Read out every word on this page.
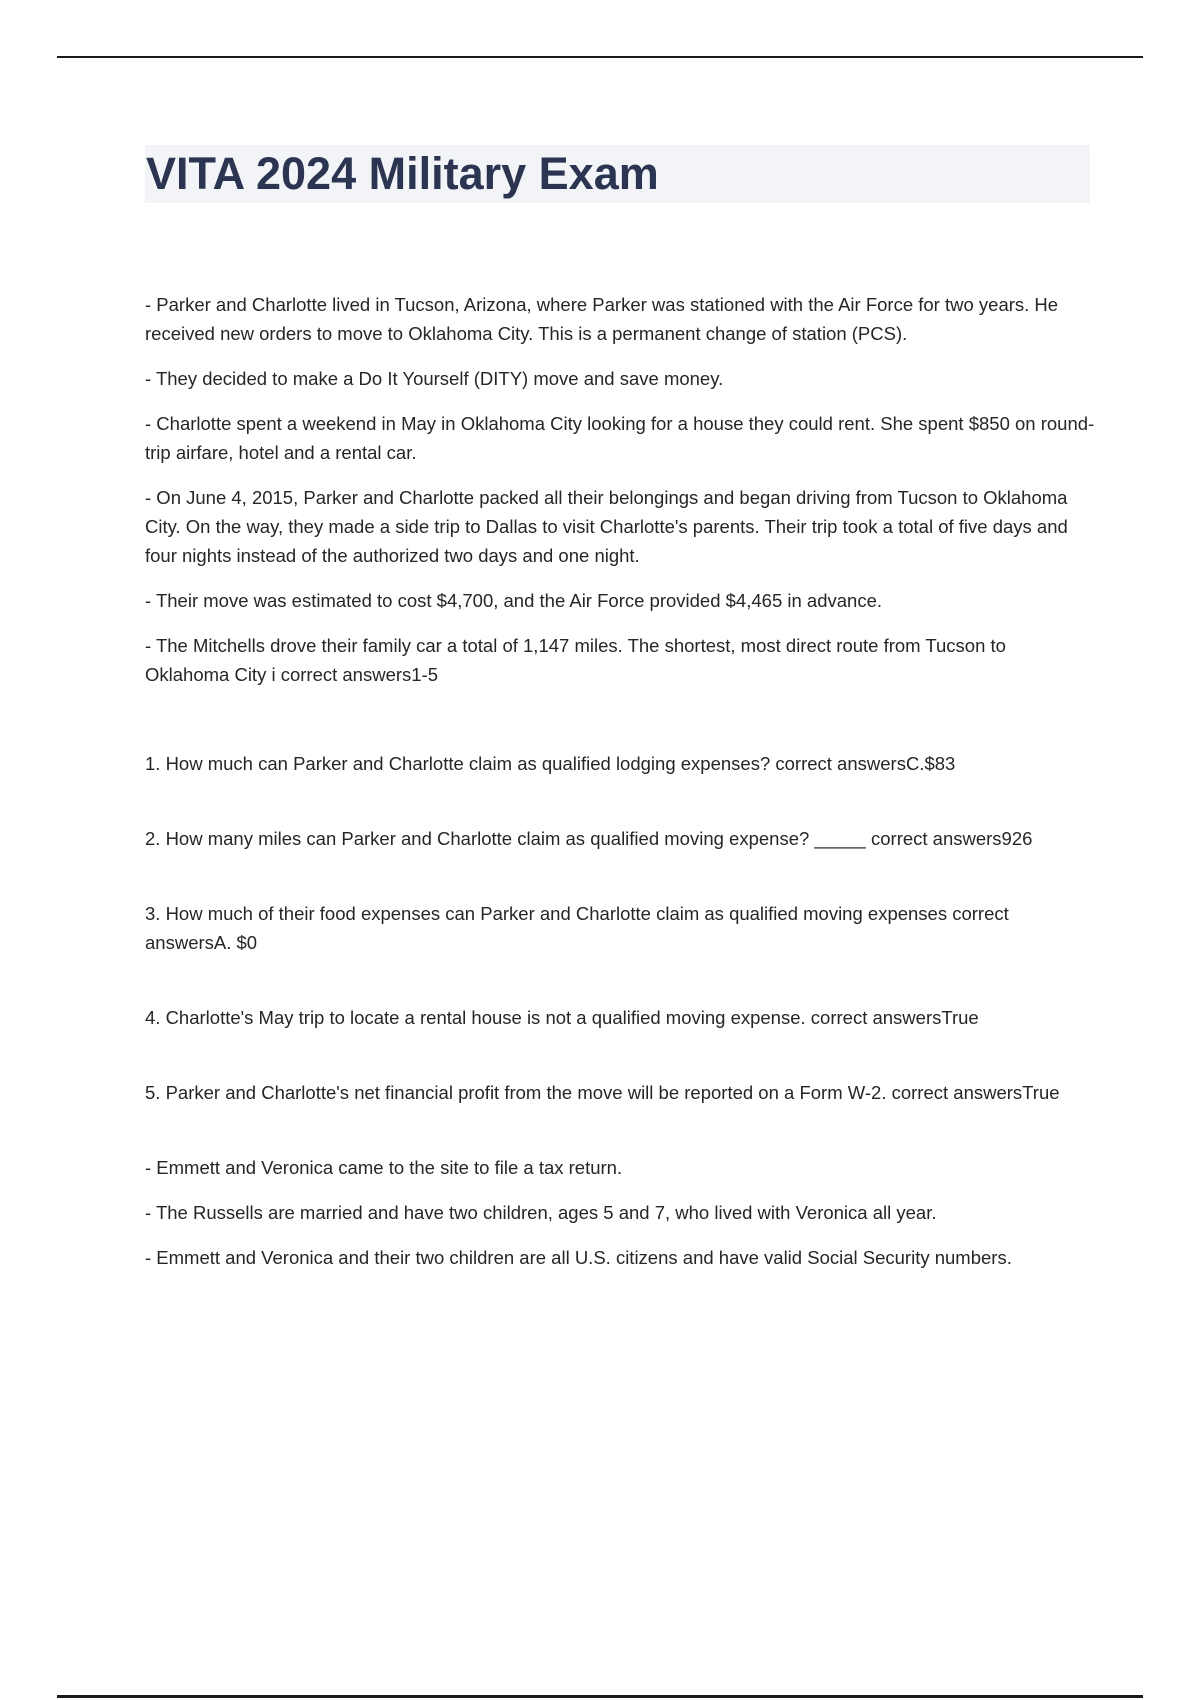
VITA 2024 Military Exam

- Parker and Charlotte lived in Tucson, Arizona, where Parker was stationed with the Air Force for two years. He received new orders to move to Oklahoma City. This is a permanent change of station (PCS).

- They decided to make a Do It Yourself (DITY) move and save money.

- Charlotte spent a weekend in May in Oklahoma City looking for a house they could rent. She spent $850 on round-trip airfare, hotel and a rental car.

- On June 4, 2015, Parker and Charlotte packed all their belongings and began driving from Tucson to Oklahoma City. On the way, they made a side trip to Dallas to visit Charlotte's parents. Their trip took a total of five days and four nights instead of the authorized two days and one night.

- Their move was estimated to cost $4,700, and the Air Force provided $4,465 in advance.

- The Mitchells drove their family car a total of 1,147 miles. The shortest, most direct route from Tucson to Oklahoma City i correct answers1-5

1. How much can Parker and Charlotte claim as qualified lodging expenses? correct answersC.$83

2. How many miles can Parker and Charlotte claim as qualified moving expense? _____ correct answers926

3. How much of their food expenses can Parker and Charlotte claim as qualified moving expenses correct answersA. $0

4. Charlotte's May trip to locate a rental house is not a qualified moving expense. correct answersTrue

5. Parker and Charlotte's net financial profit from the move will be reported on a Form W-2. correct answersTrue

- Emmett and Veronica came to the site to file a tax return.

- The Russells are married and have two children, ages 5 and 7, who lived with Veronica all year.

- Emmett and Veronica and their two children are all U.S. citizens and have valid Social Security numbers.
